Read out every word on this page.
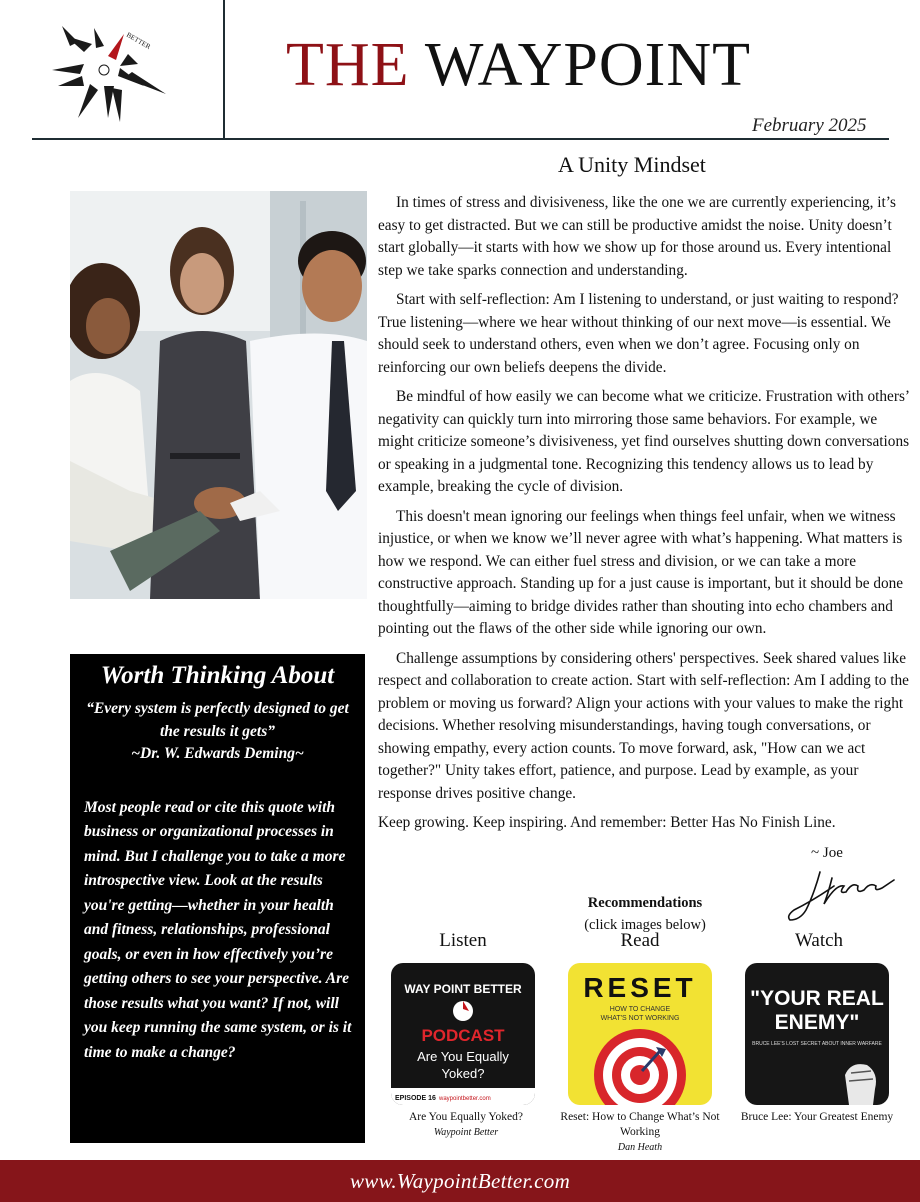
BETTER THE WAYPOINT
February 2025
A Unity Mindset

In times of stress and divisiveness, like the one we are currently experiencing, it’s easy to get distracted. But we can still be productive amidst the noise. Unity doesn’t start globally—it starts with how we show up for those around us. Every intentional step we take sparks connection and understanding.

Start with self-reflection: Am I listening to understand, or just waiting to respond? True listening—where we hear without thinking of our next move—is essential. We should seek to understand others, even when we don’t agree. Focusing only on reinforcing our own beliefs deepens the divide.

Be mindful of how easily we can become what we criticize. Frustration with others’ negativity can quickly turn into mirroring those same behaviors. For example, we might criticize someone’s divisiveness, yet find ourselves shutting down conversations or speaking in a judgmental tone. Recognizing this tendency allows us to lead by example, breaking the cycle of division.

This doesn't mean ignoring our feelings when things feel unfair, when we witness injustice, or when we know we’ll never agree with what’s happening. What matters is how we respond. We can either fuel stress and division, or we can take a more constructive approach. Standing up for a just cause is important, but it should be done thoughtfully—aiming to bridge divides rather than shouting into echo chambers and pointing out the flaws of the other side while ignoring our own.

Challenge assumptions by considering others' perspectives. Seek shared values like respect and collaboration to create action. Start with self-reflection: Am I adding to the problem or moving us forward? Align your actions with your values to make the right decisions. Whether resolving misunderstandings, having tough conversations, or showing empathy, every action counts. To move forward, ask, "How can we act together?" Unity takes effort, patience, and purpose. Lead by example, as your response drives positive change.

Keep growing. Keep inspiring. And remember: Better Has No Finish Line.

Worth Thinking About
“Every system is perfectly designed to get the results it gets”
~Dr. W. Edwards Deming~
Most people read or cite this quote with business or organizational processes in mind. But I challenge you to take a more introspective view. Look at the results you're getting—whether in your health and fitness, relationships, professional goals, or even in how effectively you’re getting others to see your perspective. Are those results what you want? If not, will you keep running the same system, or is it time to make a change?
~ Joe
Recommendations
(click images below)
Listen	Read	Watch
WAY POINT BETTER
PODCAST
Are You Equally
Yoked?
EPISODE 16 waypointbetter.com
RESET
HOW TO CHANGE
WHAT'S NOT WORKING
"YOUR REAL
ENEMY"
BRUCE LEE'S LOST SECRET ABOUT INNER WARFARE
Are You Equally Yoked?
Waypoint Better
Reset: How to Change What’s Not Working
Dan Heath
Bruce Lee: Your Greatest Enemy
www.WaypointBetter.com
